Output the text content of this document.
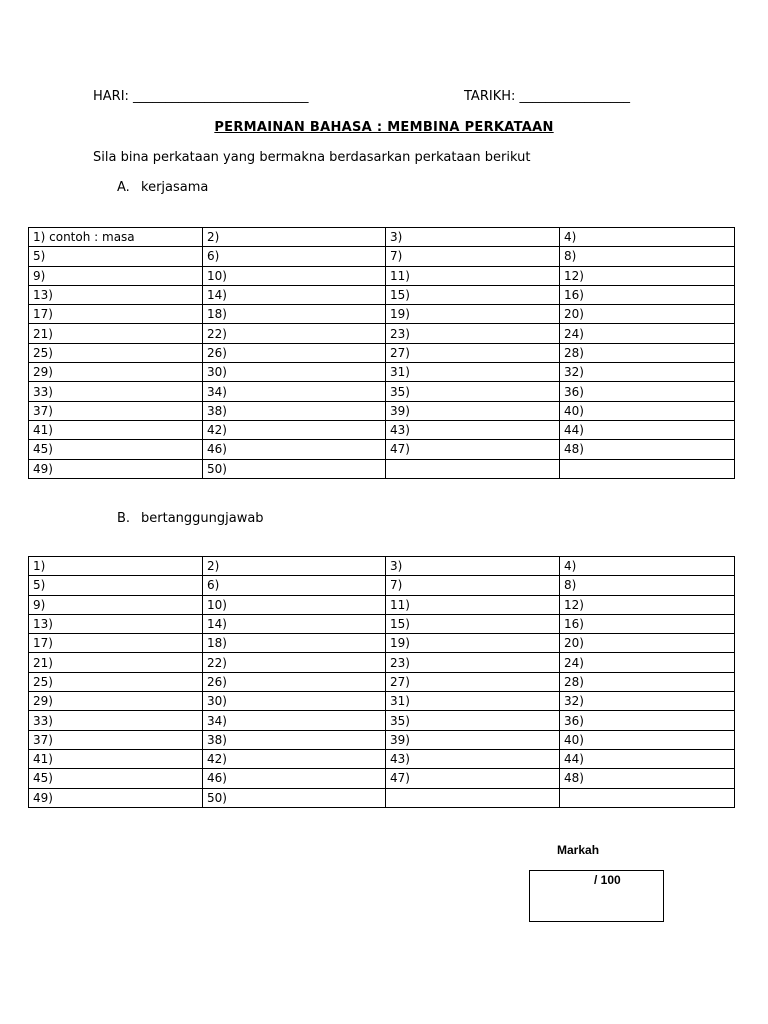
HARI: ___________________________	TARIKH: _________________
PERMAINAN BAHASA : MEMBINA PERKATAAN
Sila bina perkataan yang bermakna berdasarkan perkataan berikut
A. kerjasama
1) contoh : masa	2)	3)	4)
5)	6)	7)	8)
9)	10)	11)	12)
13)	14)	15)	16)
17)	18)	19)	20)
21)	22)	23)	24)
25)	26)	27)	28)
29)	30)	31)	32)
33)	34)	35)	36)
37)	38)	39)	40)
41)	42)	43)	44)
45)	46)	47)	48)
49)	50)		
B. bertanggungjawab
1)	2)	3)	4)
5)	6)	7)	8)
9)	10)	11)	12)
13)	14)	15)	16)
17)	18)	19)	20)
21)	22)	23)	24)
25)	26)	27)	28)
29)	30)	31)	32)
33)	34)	35)	36)
37)	38)	39)	40)
41)	42)	43)	44)
45)	46)	47)	48)
49)	50)		
Markah
/ 100
